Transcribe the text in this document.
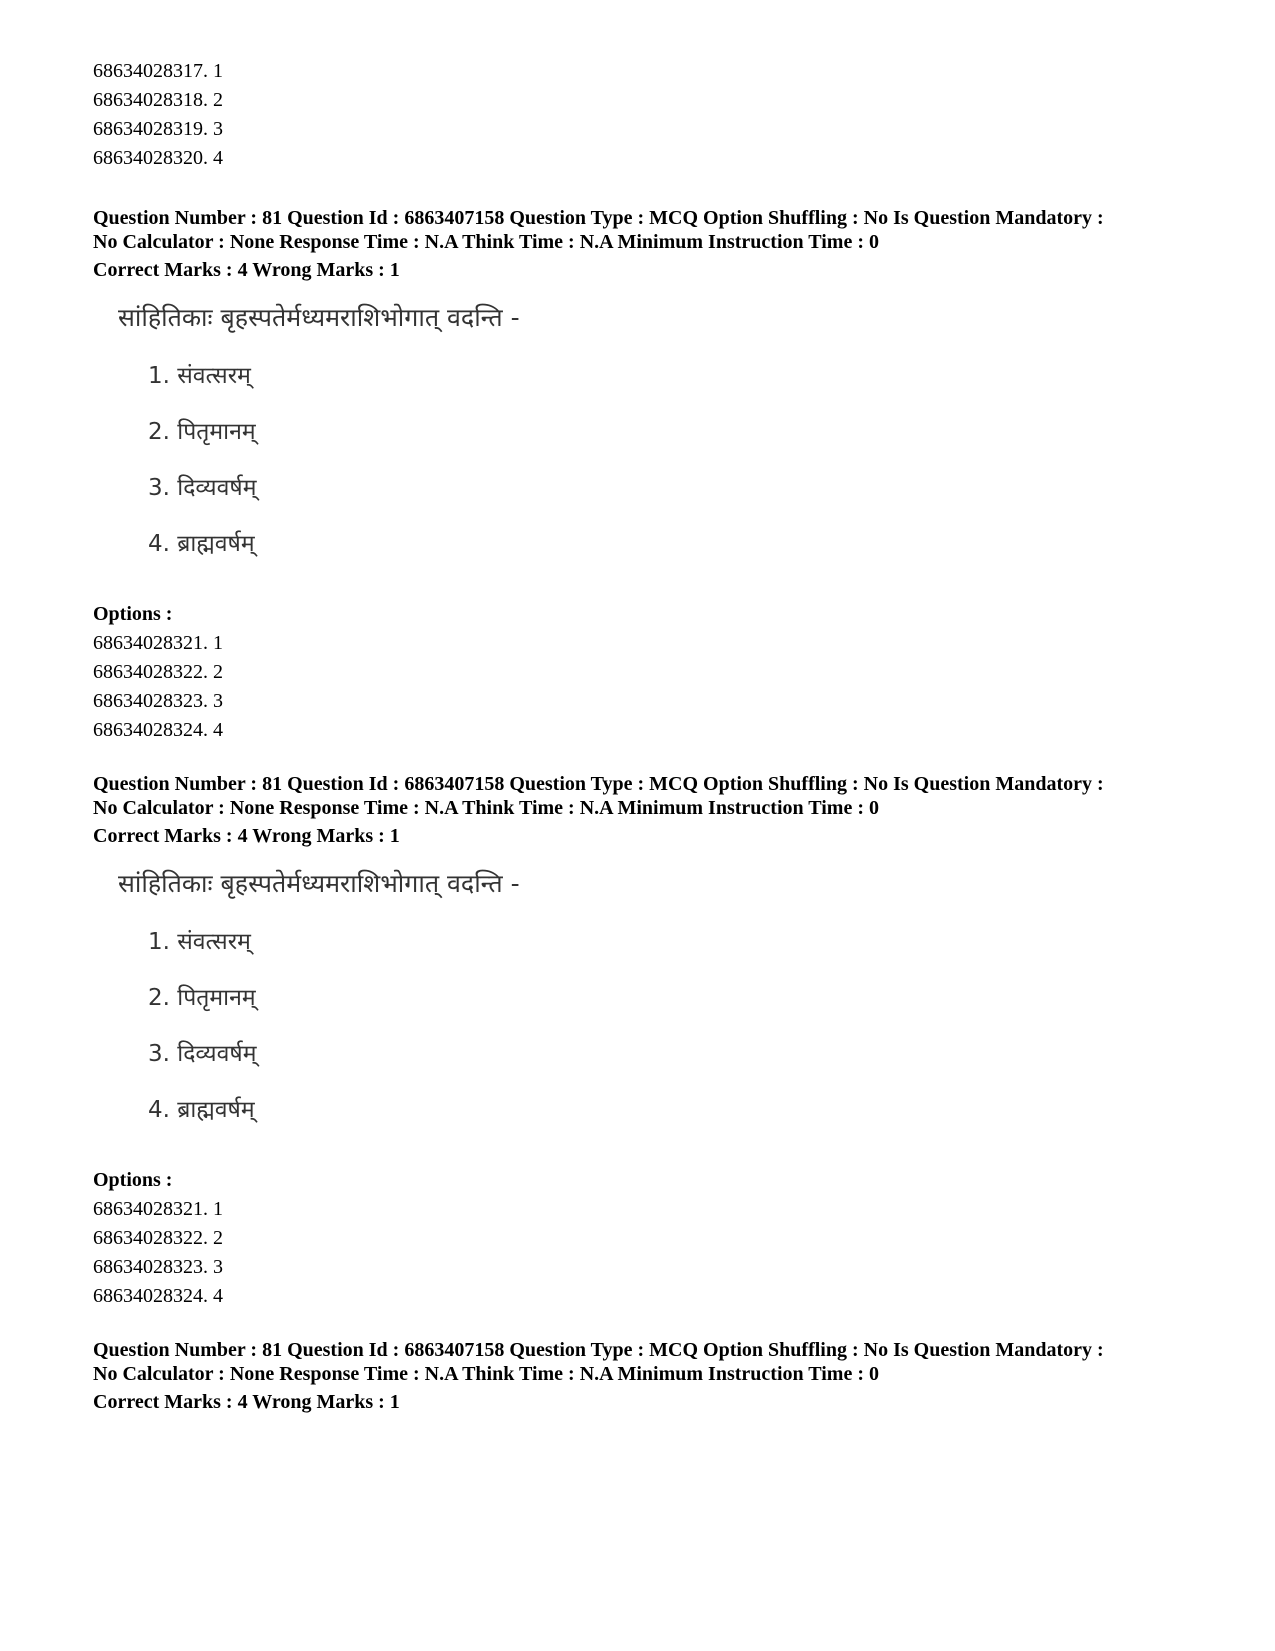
68634028317. 1
68634028318. 2
68634028319. 3
68634028320. 4
Question Number : 81 Question Id : 6863407158 Question Type : MCQ Option Shuffling : No Is Question Mandatory :
No Calculator : None Response Time : N.A Think Time : N.A Minimum Instruction Time : 0
Correct Marks : 4 Wrong Marks : 1
सांहितिकाः बृहस्पतेर्मध्यमराशिभोगात् वदन्ति -
1. संवत्सरम्
2. पितृमानम्
3. दिव्यवर्षम्
4. ब्राह्मवर्षम्
Options :
68634028321. 1
68634028322. 2
68634028323. 3
68634028324. 4
Question Number : 81 Question Id : 6863407158 Question Type : MCQ Option Shuffling : No Is Question Mandatory :
No Calculator : None Response Time : N.A Think Time : N.A Minimum Instruction Time : 0
Correct Marks : 4 Wrong Marks : 1
सांहितिकाः बृहस्पतेर्मध्यमराशिभोगात् वदन्ति -
1. संवत्सरम्
2. पितृमानम्
3. दिव्यवर्षम्
4. ब्राह्मवर्षम्
Options :
68634028321. 1
68634028322. 2
68634028323. 3
68634028324. 4
Question Number : 81 Question Id : 6863407158 Question Type : MCQ Option Shuffling : No Is Question Mandatory :
No Calculator : None Response Time : N.A Think Time : N.A Minimum Instruction Time : 0
Correct Marks : 4 Wrong Marks : 1
